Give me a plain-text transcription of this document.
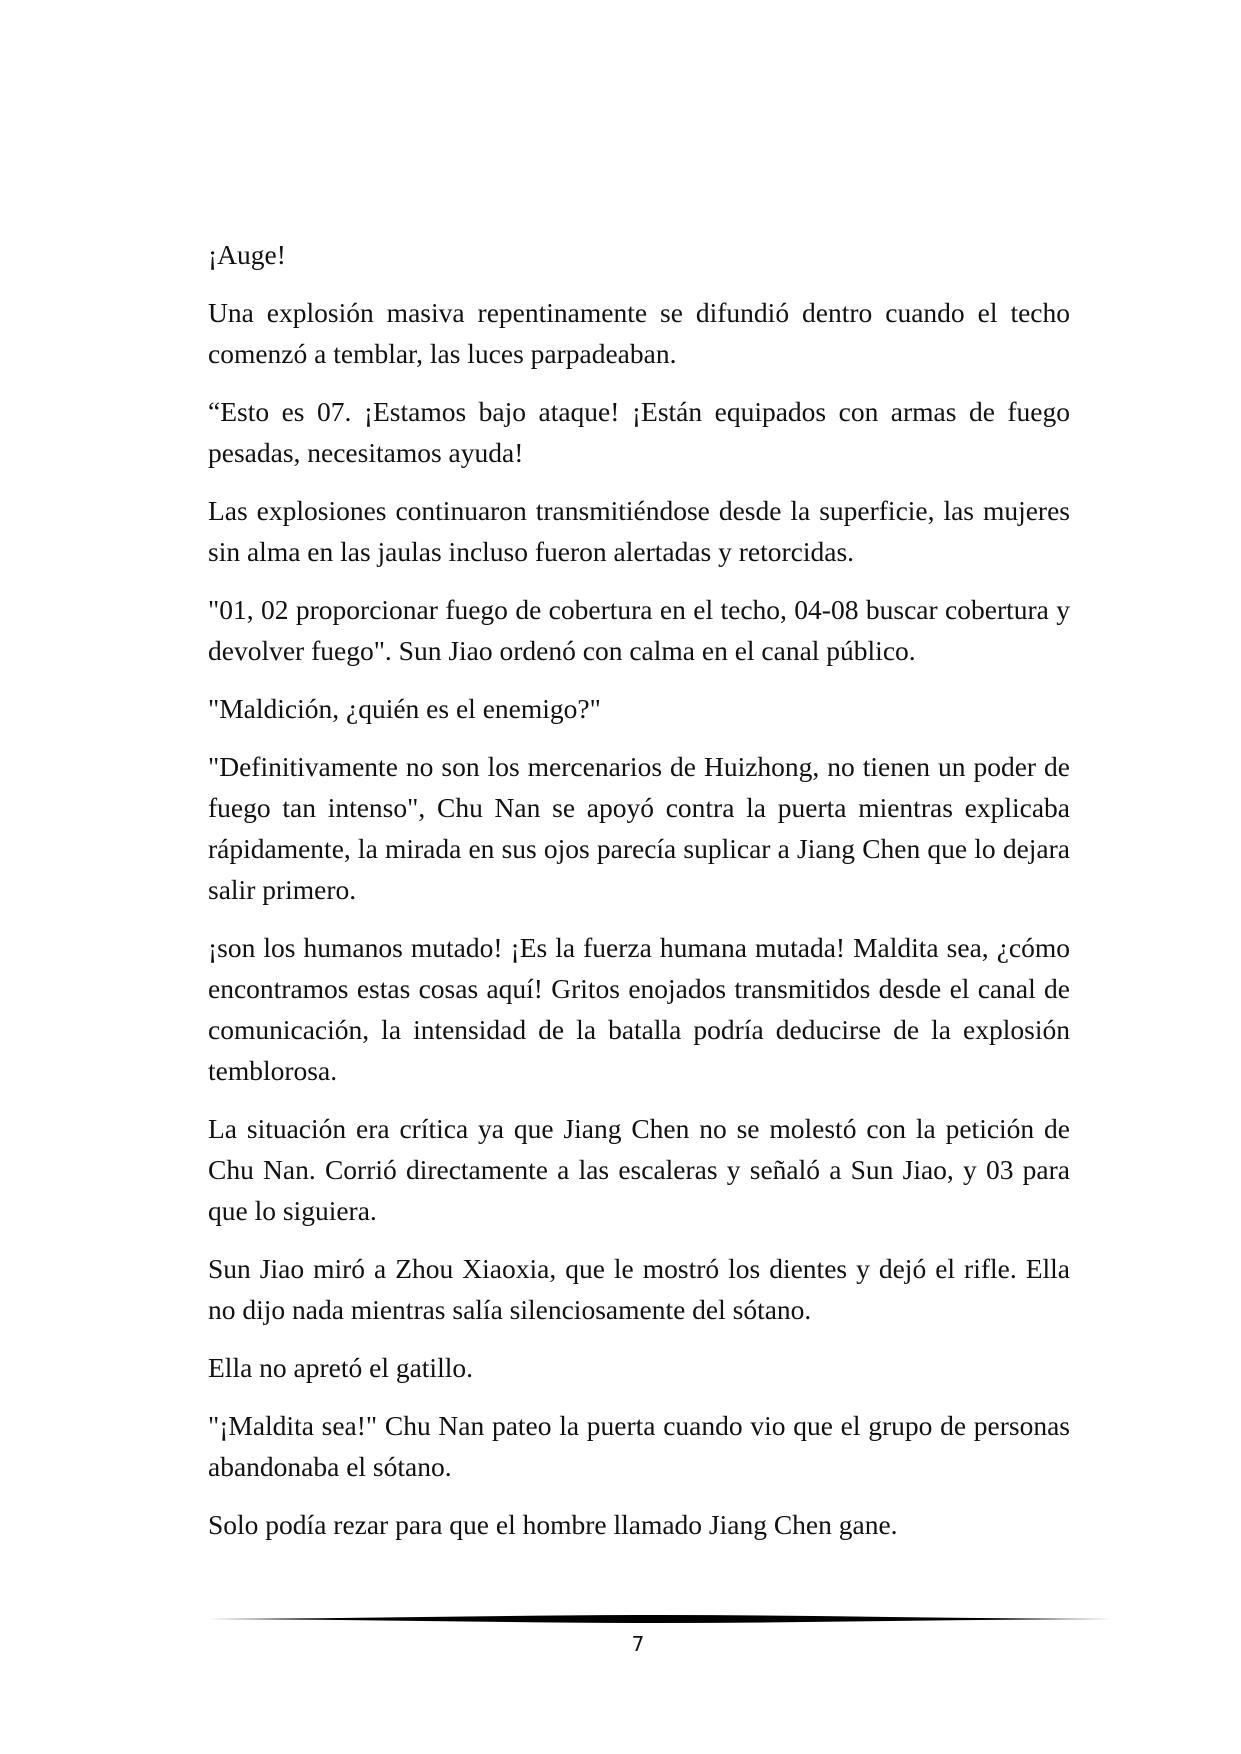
¡Auge!

Una explosión masiva repentinamente se difundió dentro cuando el techo comenzó a temblar, las luces parpadeaban.

“Esto es 07. ¡Estamos bajo ataque! ¡Están equipados con armas de fuego pesadas, necesitamos ayuda!

Las explosiones continuaron transmitiéndose desde la superficie, las mujeres sin alma en las jaulas incluso fueron alertadas y retorcidas.

"01, 02 proporcionar fuego de cobertura en el techo, 04-08 buscar cobertura y devolver fuego". Sun Jiao ordenó con calma en el canal público.

"Maldición, ¿quién es el enemigo?"

"Definitivamente no son los mercenarios de Huizhong, no tienen un poder de fuego tan intenso", Chu Nan se apoyó contra la puerta mientras explicaba rápidamente, la mirada en sus ojos parecía suplicar a Jiang Chen que lo dejara salir primero.

¡son los humanos mutado! ¡Es la fuerza humana mutada! Maldita sea, ¿cómo encontramos estas cosas aquí! Gritos enojados transmitidos desde el canal de comunicación, la intensidad de la batalla podría deducirse de la explosión temblorosa.

La situación era crítica ya que Jiang Chen no se molestó con la petición de Chu Nan. Corrió directamente a las escaleras y señaló a Sun Jiao, y 03 para que lo siguiera.

Sun Jiao miró a Zhou Xiaoxia, que le mostró los dientes y dejó el rifle. Ella no dijo nada mientras salía silenciosamente del sótano.

Ella no apretó el gatillo.

"¡Maldita sea!" Chu Nan pateo la puerta cuando vio que el grupo de personas abandonaba el sótano.

Solo podía rezar para que el hombre llamado Jiang Chen gane.

7
